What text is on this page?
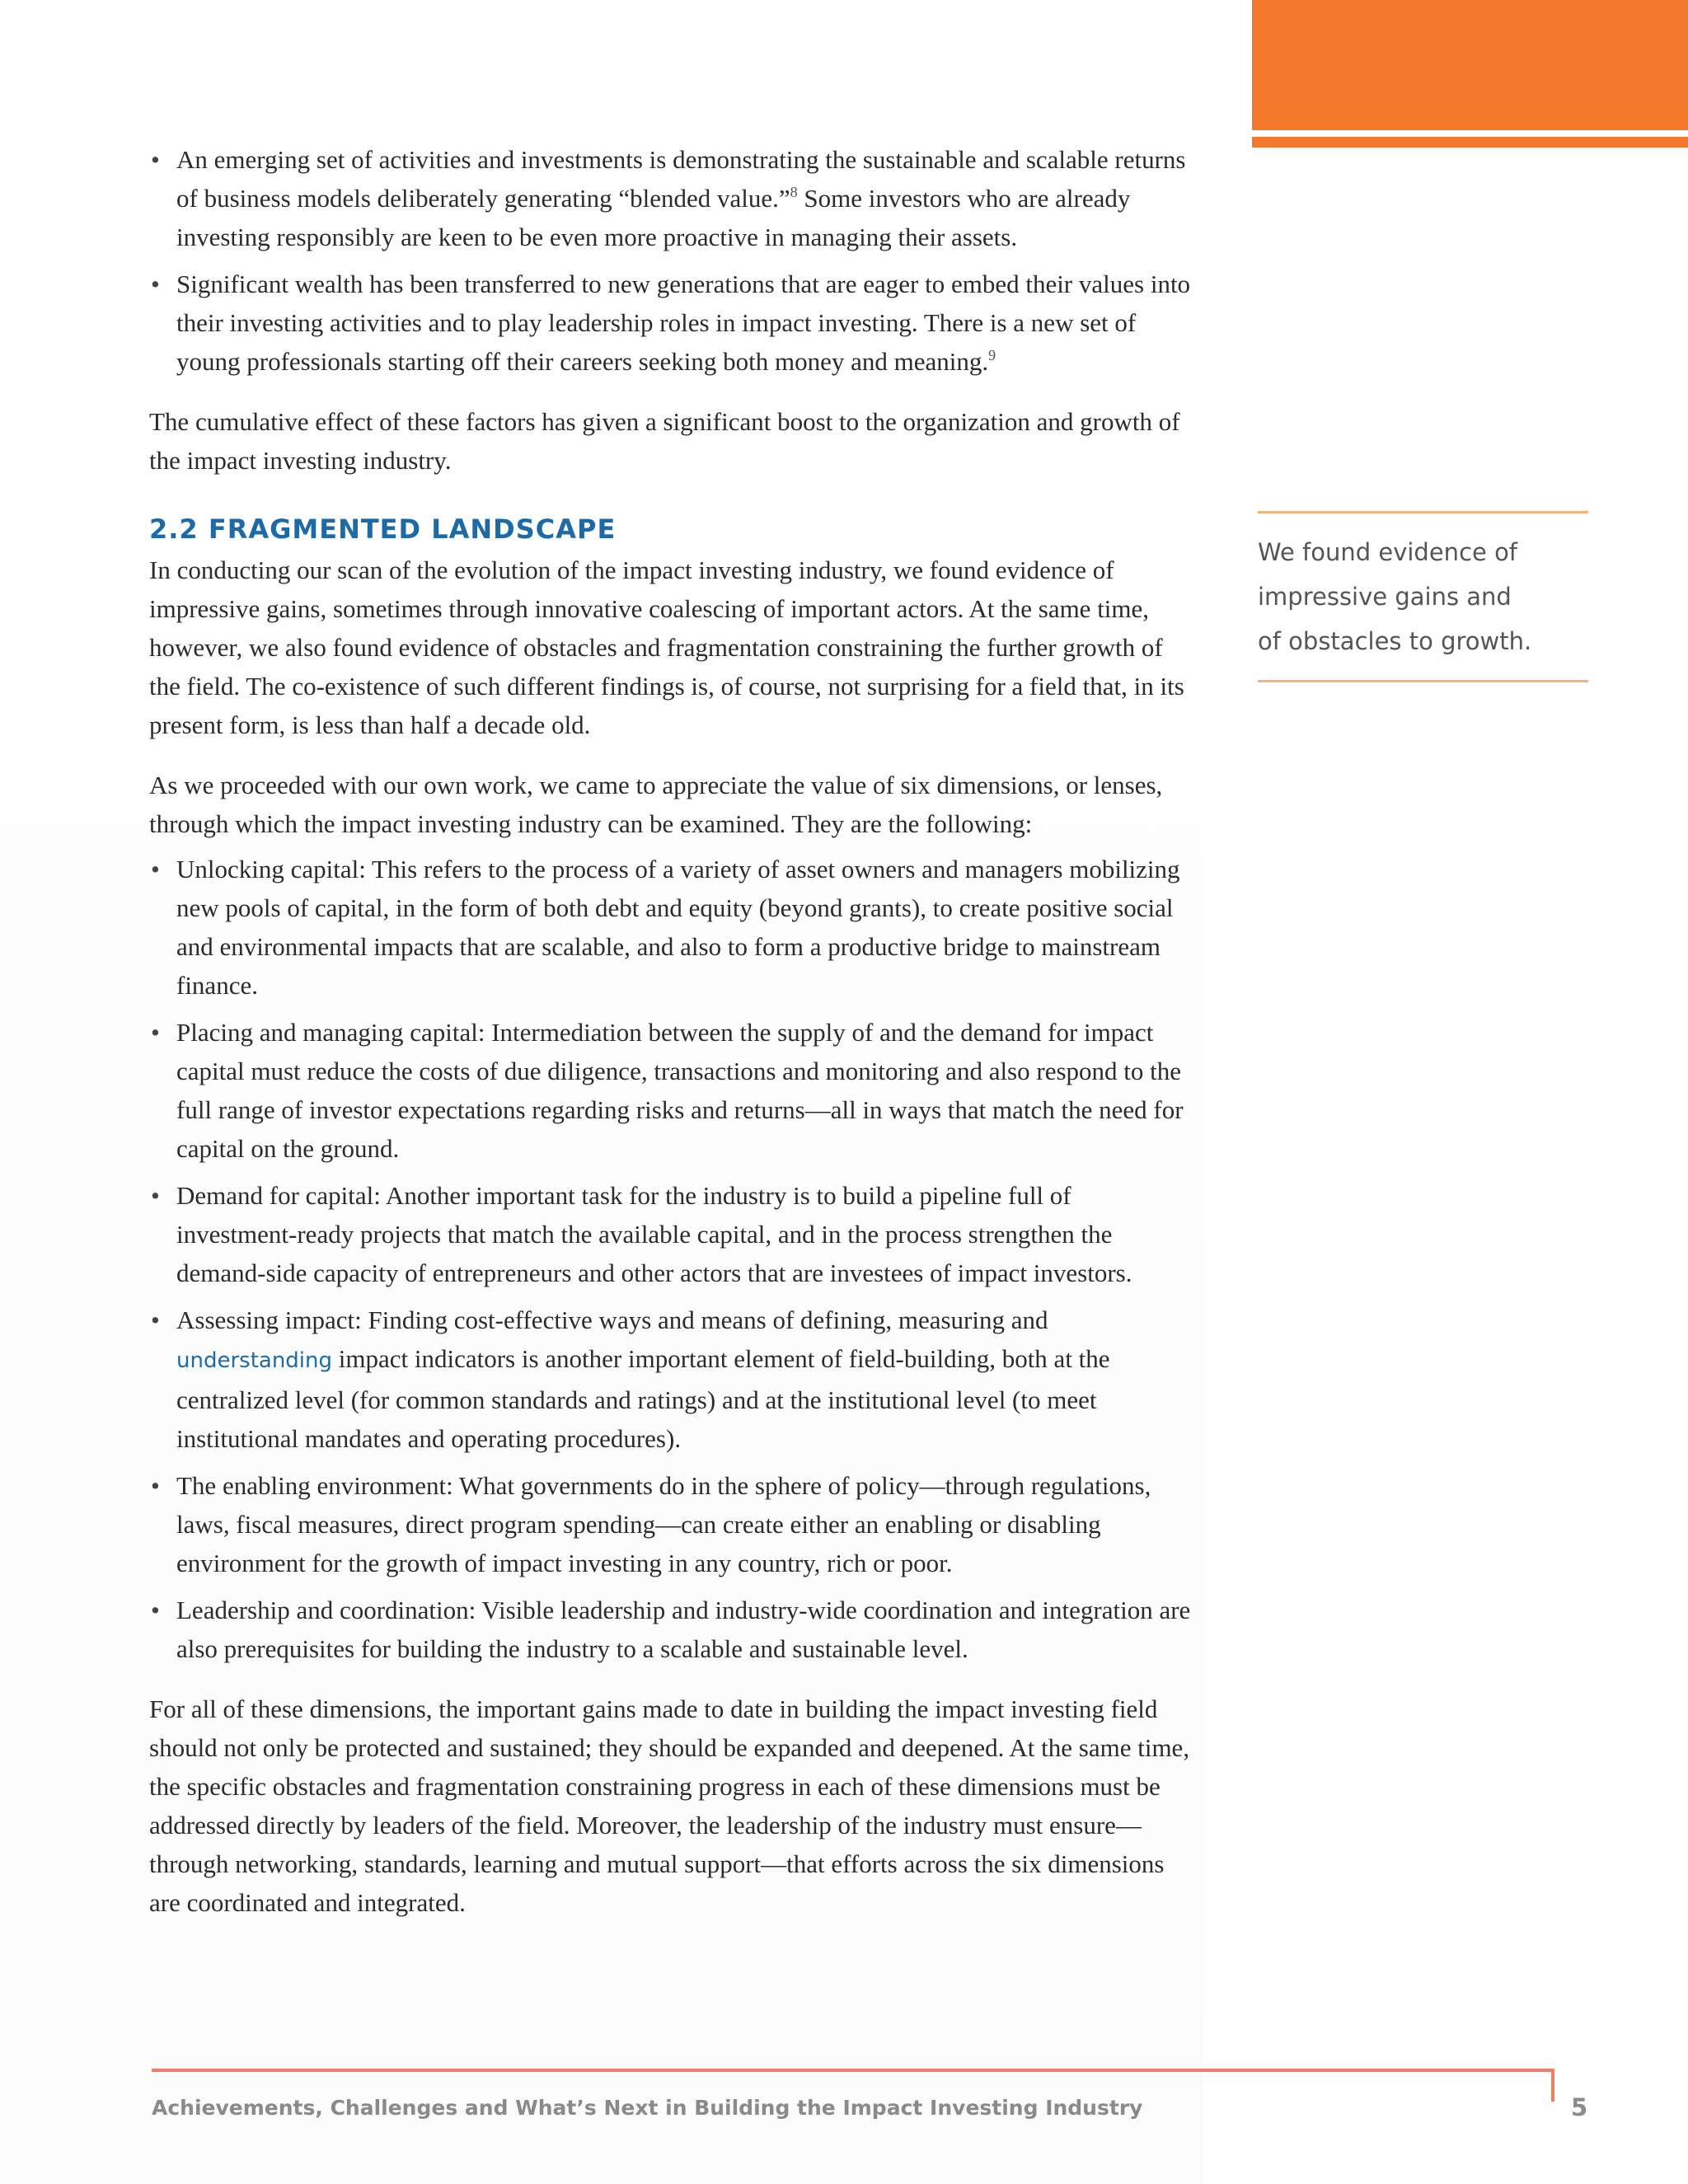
• An emerging set of activities and investments is demonstrating the sustainable and scalable returns of business models deliberately generating “blended value.”$^8$ Some investors who are already investing responsibly are keen to be even more proactive in managing their assets.
• Significant wealth has been transferred to new generations that are eager to embed their values into their investing activities and to play leadership roles in impact investing. There is a new set of young professionals starting off their careers seeking both money and meaning.$^9$

The cumulative effect of these factors has given a significant boost to the organization and growth of the impact investing industry.

2.2 FRAGMENTED LANDSCAPE

In conducting our scan of the evolution of the impact investing industry, we found evidence of impressive gains, sometimes through innovative coalescing of important actors. At the same time, however, we also found evidence of obstacles and fragmentation constraining the further growth of the field. The co-existence of such different findings is, of course, not surprising for a field that, in its present form, is less than half a decade old.

As we proceeded with our own work, we came to appreciate the value of six dimensions, or lenses, through which the impact investing industry can be examined. They are the following:

• Unlocking capital: This refers to the process of a variety of asset owners and managers mobilizing new pools of capital, in the form of both debt and equity (beyond grants), to create positive social and environmental impacts that are scalable, and also to form a productive bridge to mainstream finance.
• Placing and managing capital: Intermediation between the supply of and the demand for impact capital must reduce the costs of due diligence, transactions and monitoring and also respond to the full range of investor expectations regarding risks and returns—all in ways that match the need for capital on the ground.
• Demand for capital: Another important task for the industry is to build a pipeline full of investment-ready projects that match the available capital, and in the process strengthen the demand-side capacity of entrepreneurs and other actors that are investees of impact investors.
• Assessing impact: Finding cost-effective ways and means of defining, measuring and understanding impact indicators is another important element of field-building, both at the centralized level (for common standards and ratings) and at the institutional level (to meet institutional mandates and operating procedures).
• The enabling environment: What governments do in the sphere of policy—through regulations, laws, fiscal measures, direct program spending—can create either an enabling or disabling environment for the growth of impact investing in any country, rich or poor.
• Leadership and coordination: Visible leadership and industry-wide coordination and integration are also prerequisites for building the industry to a scalable and sustainable level.

For all of these dimensions, the important gains made to date in building the impact investing field should not only be protected and sustained; they should be expanded and deepened. At the same time, the specific obstacles and fragmentation constraining progress in each of these dimensions must be addressed directly by leaders of the field. Moreover, the leadership of the industry must ensure—through networking, standards, learning and mutual support—that efforts across the six dimensions are coordinated and integrated.

We found evidence of
impressive gains and
of obstacles to growth.
Achievements, Challenges and What’s Next in Building the Impact Investing Industry	5
